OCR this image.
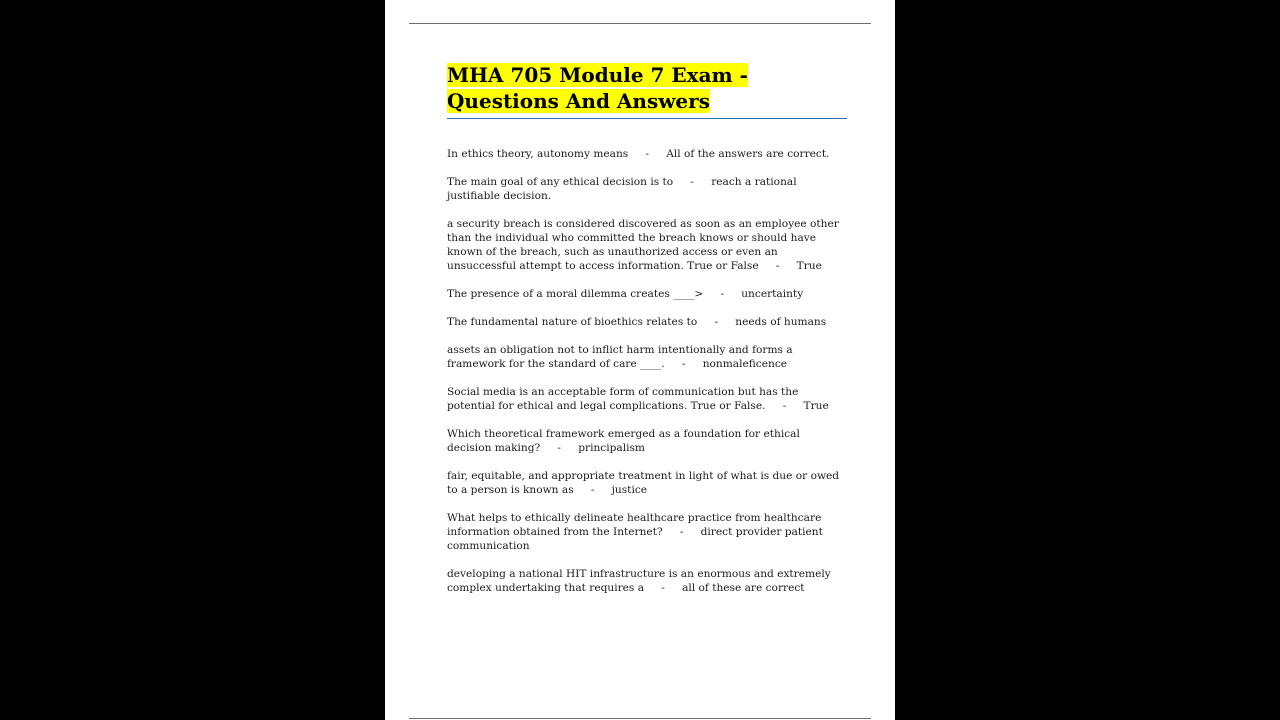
MHA 705 Module 7 Exam - Questions And Answers

In ethics theory, autonomy means - All of the answers are correct.

The main goal of any ethical decision is to - reach a rational justifiable decision.

a security breach is considered discovered as soon as an employee other than the individual who committed the breach knows or should have known of the breach, such as unauthorized access or even an unsuccessful attempt to access information. True or False - True

The presence of a moral dilemma creates ____> - uncertainty

The fundamental nature of bioethics relates to - needs of humans

assets an obligation not to inflict harm intentionally and forms a framework for the standard of care ____. - nonmaleficence

Social media is an acceptable form of communication but has the potential for ethical and legal complications. True or False. - True

Which theoretical framework emerged as a foundation for ethical decision making? - principalism

fair, equitable, and appropriate treatment in light of what is due or owed to a person is known as - justice

What helps to ethically delineate healthcare practice from healthcare information obtained from the Internet? - direct provider patient communication

developing a national HIT infrastructure is an enormous and extremely complex undertaking that requires a - all of these are correct
